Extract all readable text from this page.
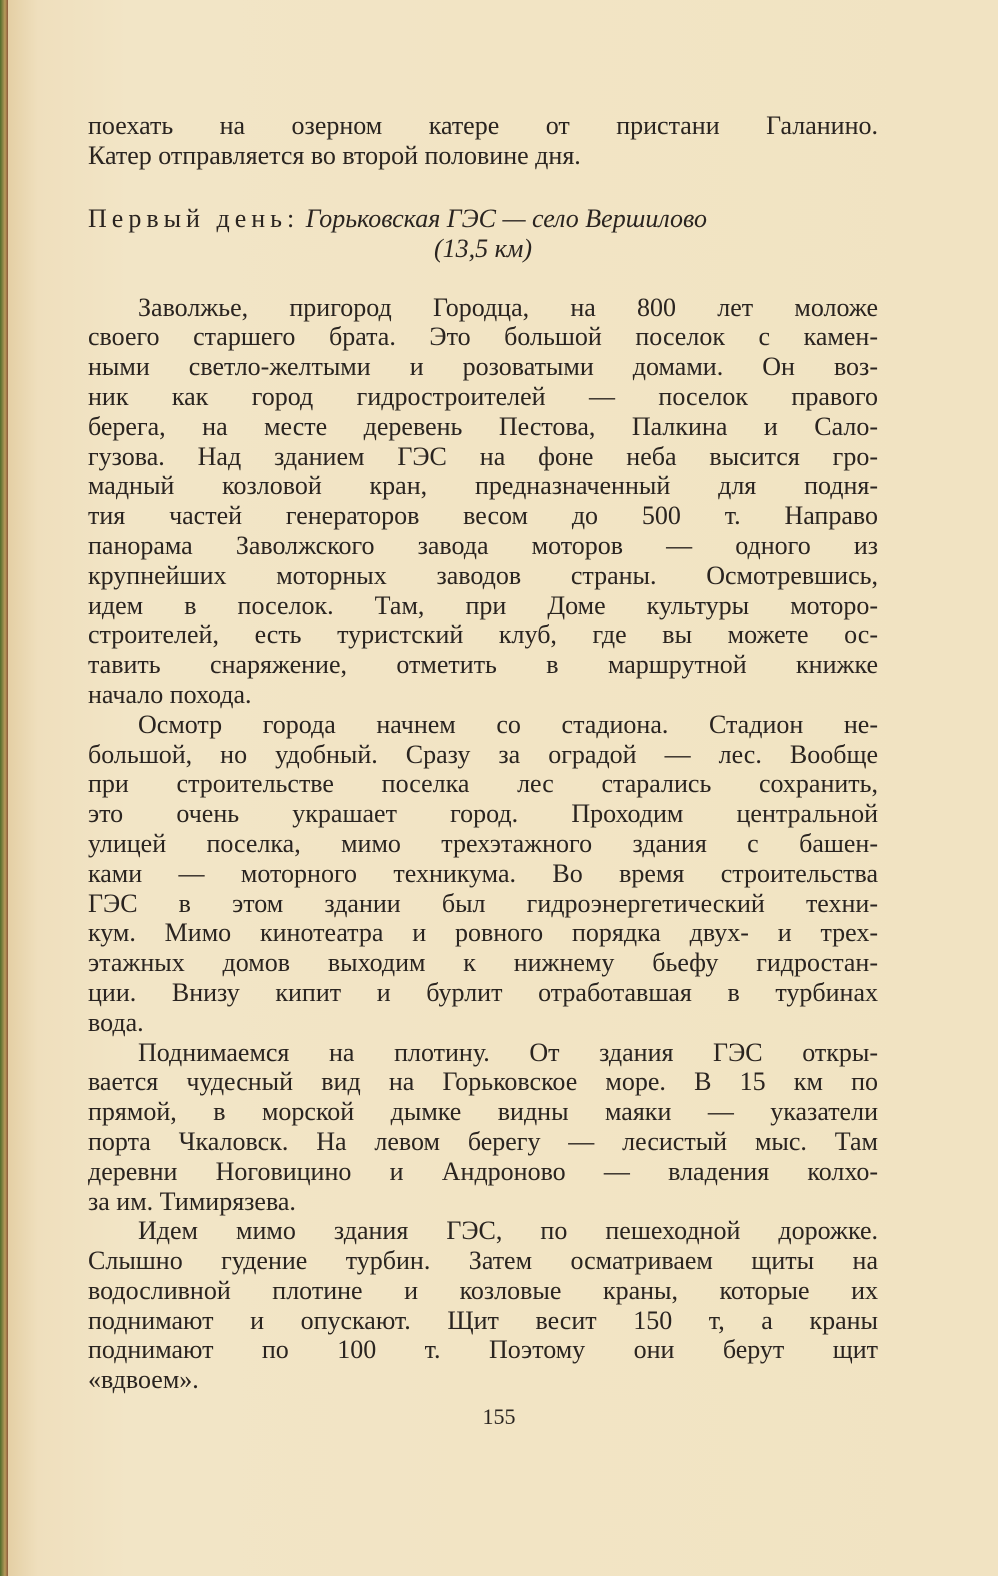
поехать на озерном катере от пристани Галанино.
Катер отправляется во второй половине дня.
Первый день: Горьковская ГЭС — село Вершилово
(13,5 км)
Заволжье, пригород Городца, на 800 лет моложе
своего старшего брата. Это большой поселок с камен-
ными светло-желтыми и розоватыми домами. Он воз-
ник как город гидростроителей — поселок правого
берега, на месте деревень Пестова, Палкина и Сало-
гузова. Над зданием ГЭС на фоне неба высится гро-
мадный козловой кран, предназначенный для подня-
тия частей генераторов весом до 500 т. Направо
панорама Заволжского завода моторов — одного из
крупнейших моторных заводов страны. Осмотревшись,
идем в поселок. Там, при Доме культуры моторо-
строителей, есть туристский клуб, где вы можете ос-
тавить снаряжение, отметить в маршрутной книжке
начало похода.
Осмотр города начнем со стадиона. Стадион не-
большой, но удобный. Сразу за оградой — лес. Вообще
при строительстве поселка лес старались сохранить,
это очень украшает город. Проходим центральной
улицей поселка, мимо трехэтажного здания с башен-
ками — моторного техникума. Во время строительства
ГЭС в этом здании был гидроэнергетический техни-
кум. Мимо кинотеатра и ровного порядка двух- и трех-
этажных домов выходим к нижнему бьефу гидростан-
ции. Внизу кипит и бурлит отработавшая в турбинах
вода.
Поднимаемся на плотину. От здания ГЭС откры-
вается чудесный вид на Горьковское море. В 15 км по
прямой, в морской дымке видны маяки — указатели
порта Чкаловск. На левом берегу — лесистый мыс. Там
деревни Ноговицино и Андроново — владения колхо-
за им. Тимирязева.
Идем мимо здания ГЭС, по пешеходной дорожке.
Слышно гудение турбин. Затем осматриваем щиты на
водосливной плотине и козловые краны, которые их
поднимают и опускают. Щит весит 150 т, а краны
поднимают по 100 т. Поэтому они берут щит
«вдвоем».
155
